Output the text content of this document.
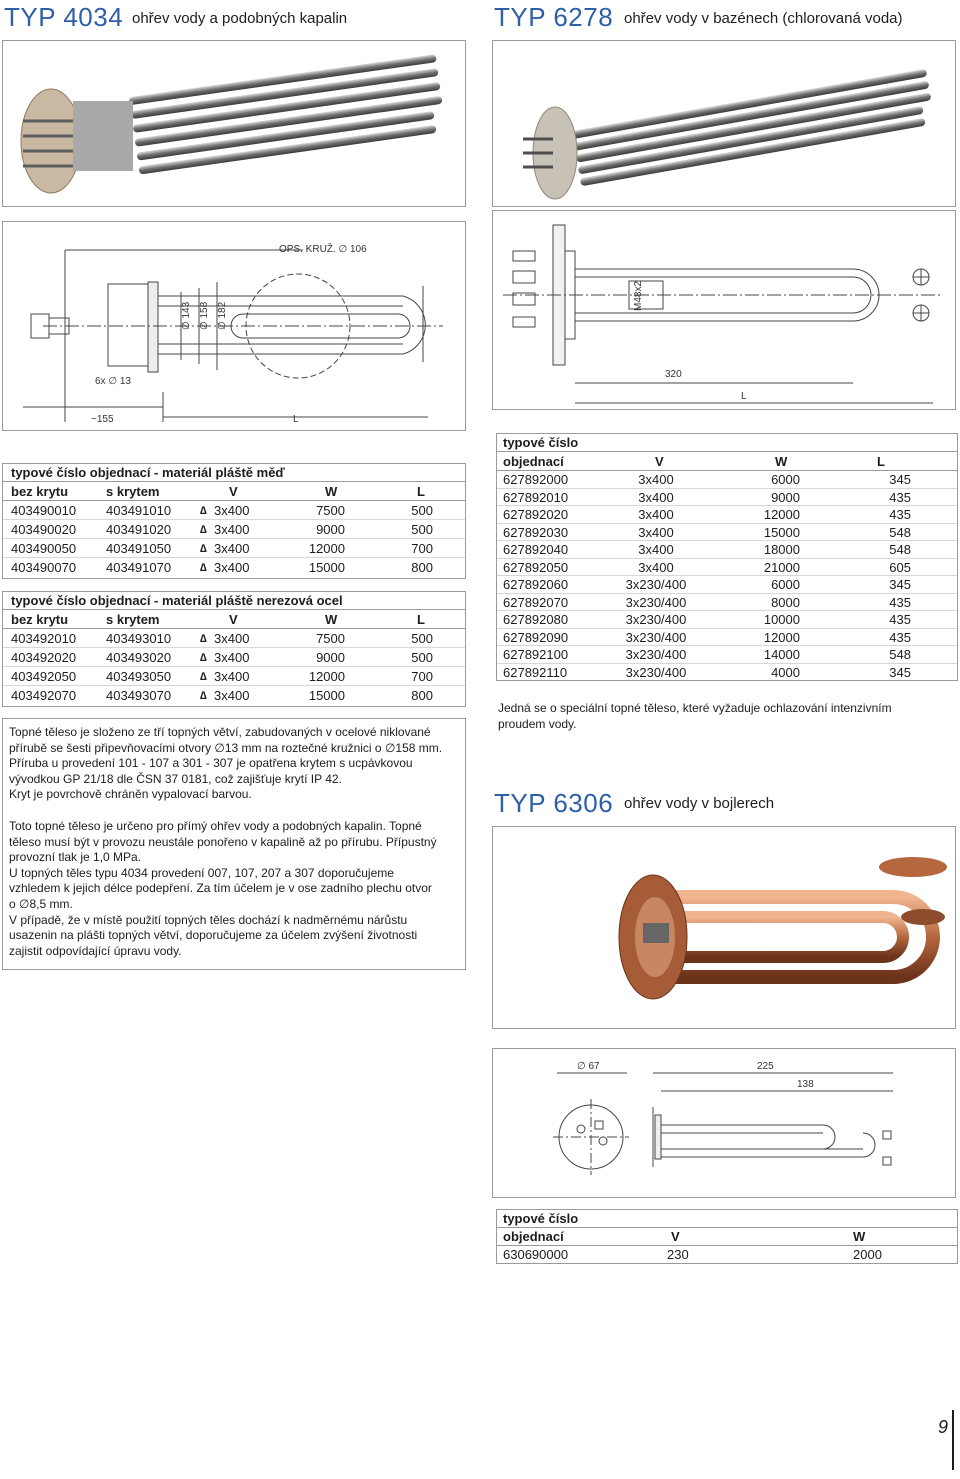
TYP 4034 ohřev vody a podobných kapalin
OPS. KRUŽ. ∅ 106
∅ 143 ∅ 158 ∅ 182
6x ∅ 13
~155	L
typové číslo objednací - materiál pláště měď
bez krytu	s krytem	V	W	L
403490010 403491010	∆ 3x400	7500	500
403490020 403491020	∆ 3x400	9000	500
403490050 403491050	∆ 3x400	12000	700
403490070 403491070	∆ 3x400	15000	800
typové číslo objednací - materiál pláště nerezová ocel
bez krytu	s krytem	V	W	L
403492010 403493010	∆ 3x400	7500	500
403492020 403493020	∆ 3x400	9000	500
403492050 403493050	∆ 3x400	12000	700
403492070 403493070	∆ 3x400	15000	800

Topné těleso je složeno ze tří topných větví, zabudovaných v ocelové niklované

přírubě se šesti připevňovacími otvory ∅13 mm na roztečné kružnici o ∅158 mm.

Příruba u provedení 101 - 107 a 301 - 307 je opatřena krytem s ucpávkovou

vývodkou GP 21/18 dle ČSN 37 0181, což zajišťuje krytí IP 42.

Kryt je povrchově chráněn vypalovací barvou.

Toto topné těleso je určeno pro přímý ohřev vody a podobných kapalin. Topné

těleso musí být v provozu neustále ponořeno v kapalině až po přírubu. Přípustný

provozní tlak je 1,0 MPa.

U topných těles typu 4034 provedení 007, 107, 207 a 307 doporučujeme

vzhledem k jejich délce podepření. Za tím účelem je v ose zadního plechu otvor

o ∅8,5 mm.

V případě, že v místě použití topných těles dochází k nadměrnému nárůstu

usazenin na plášti topných větví, doporučujeme za účelem zvýšení životnosti

zajistit odpovídající úpravu vody.

TYP 6278 ohřev vody v bazénech (chlorovaná voda)
M48x2
320
L
typové číslo
objednací	V	W	L
627892000	3x400	6000	345
627892010	3x400	9000	435
627892020	3x400	12000	435
627892030	3x400	15000	548
627892040	3x400	18000	548
627892050	3x400	21000	605
627892060	3x230/400	6000	345
627892070	3x230/400	8000	435
627892080	3x230/400	10000	435
627892090	3x230/400	12000	435
627892100	3x230/400	14000	548
627892110	3x230/400	4000	345

Jedná se o speciální topné těleso, které vyžaduje ochlazování intenzivním

proudem vody.

TYP 6306 ohřev vody v bojlerech
∅ 67	225
138
typové číslo
objednací	V	W
630690000	230	2000
9
